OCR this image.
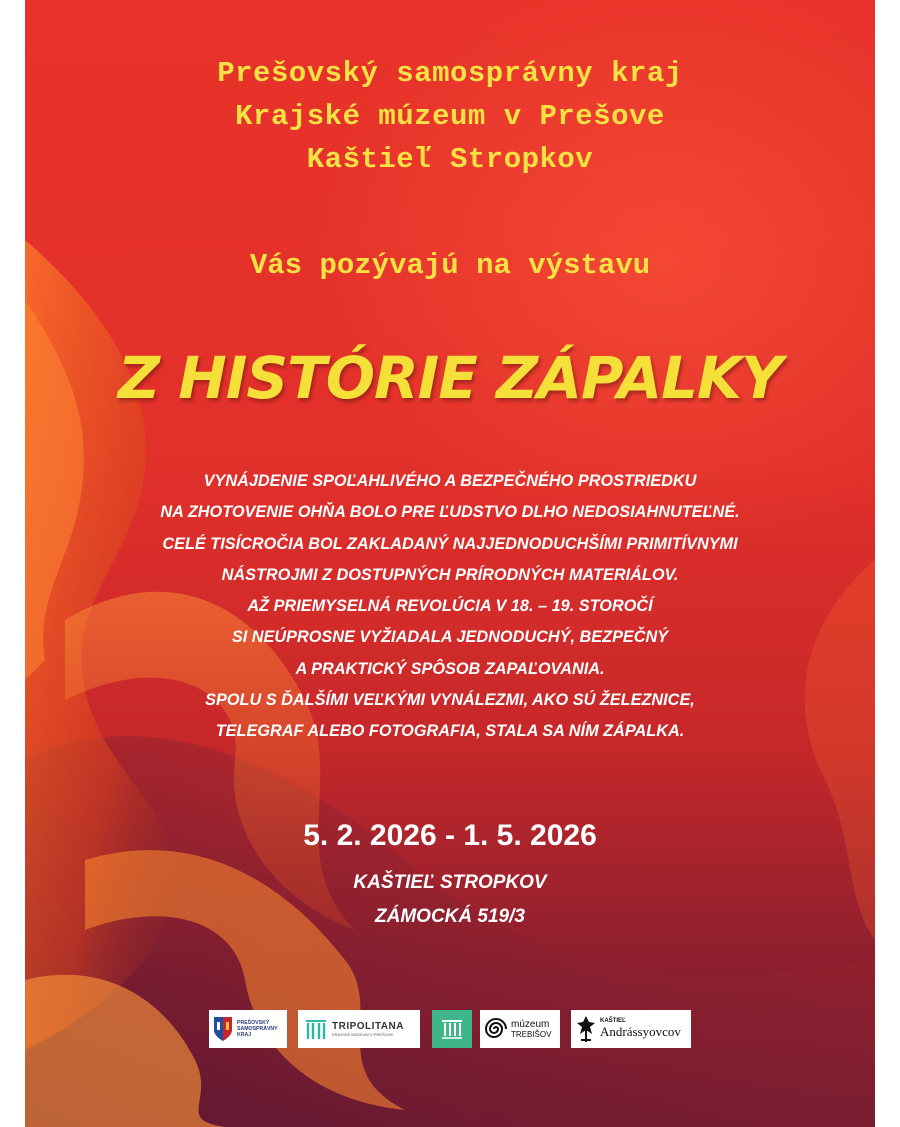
Prešovský samosprávny kraj
Krajské múzeum v Prešove
Kaštieľ Stropkov
Vás pozývajú na výstavu
Z HISTÓRIE ZÁPALKY
VYNÁJDENIE SPOĽAHLIVÉHO A BEZPEČNÉHO PROSTRIEDKU
NA ZHOTOVENIE OHŇA BOLO PRE ĽUDSTVO DLHO NEDOSIAHNUTEĽNÉ.
CELÉ TISÍCROČIA BOL ZAKLADANÝ NAJJEDNODUCHŠÍMI PRIMITÍVNYMI
NÁSTROJMI Z DOSTUPNÝCH PRÍRODNÝCH MATERIÁLOV.
AŽ PRIEMYSELNÁ REVOLÚCIA V 18. – 19. STOROČÍ
SI NEÚPROSNE VYŽIADALA JEDNODUCHÝ, BEZPEČNÝ
A PRAKTICKÝ SPÔSOB ZAPAĽOVANIA.
SPOLU S ĎALŠÍMI VEĽKÝMI VYNÁLEZMI, AKO SÚ ŽELEZNICE,
TELEGRAF ALEBO FOTOGRAFIA, STALA SA NÍM ZÁPALKA.
5. 2. 2026 - 1. 5. 2026
KAŠTIEĽ STROPKOV
ZÁMOCKÁ 519/3
PREŠOVSKÝ SAMOSPRÁVNY KRAJ
TRIPOLITANA
KRAJSKÉ MÚZEUM V PREŠOVE
múzeum
TREBIŠOV
KAŠTIEĽ
Andrássyovcov
